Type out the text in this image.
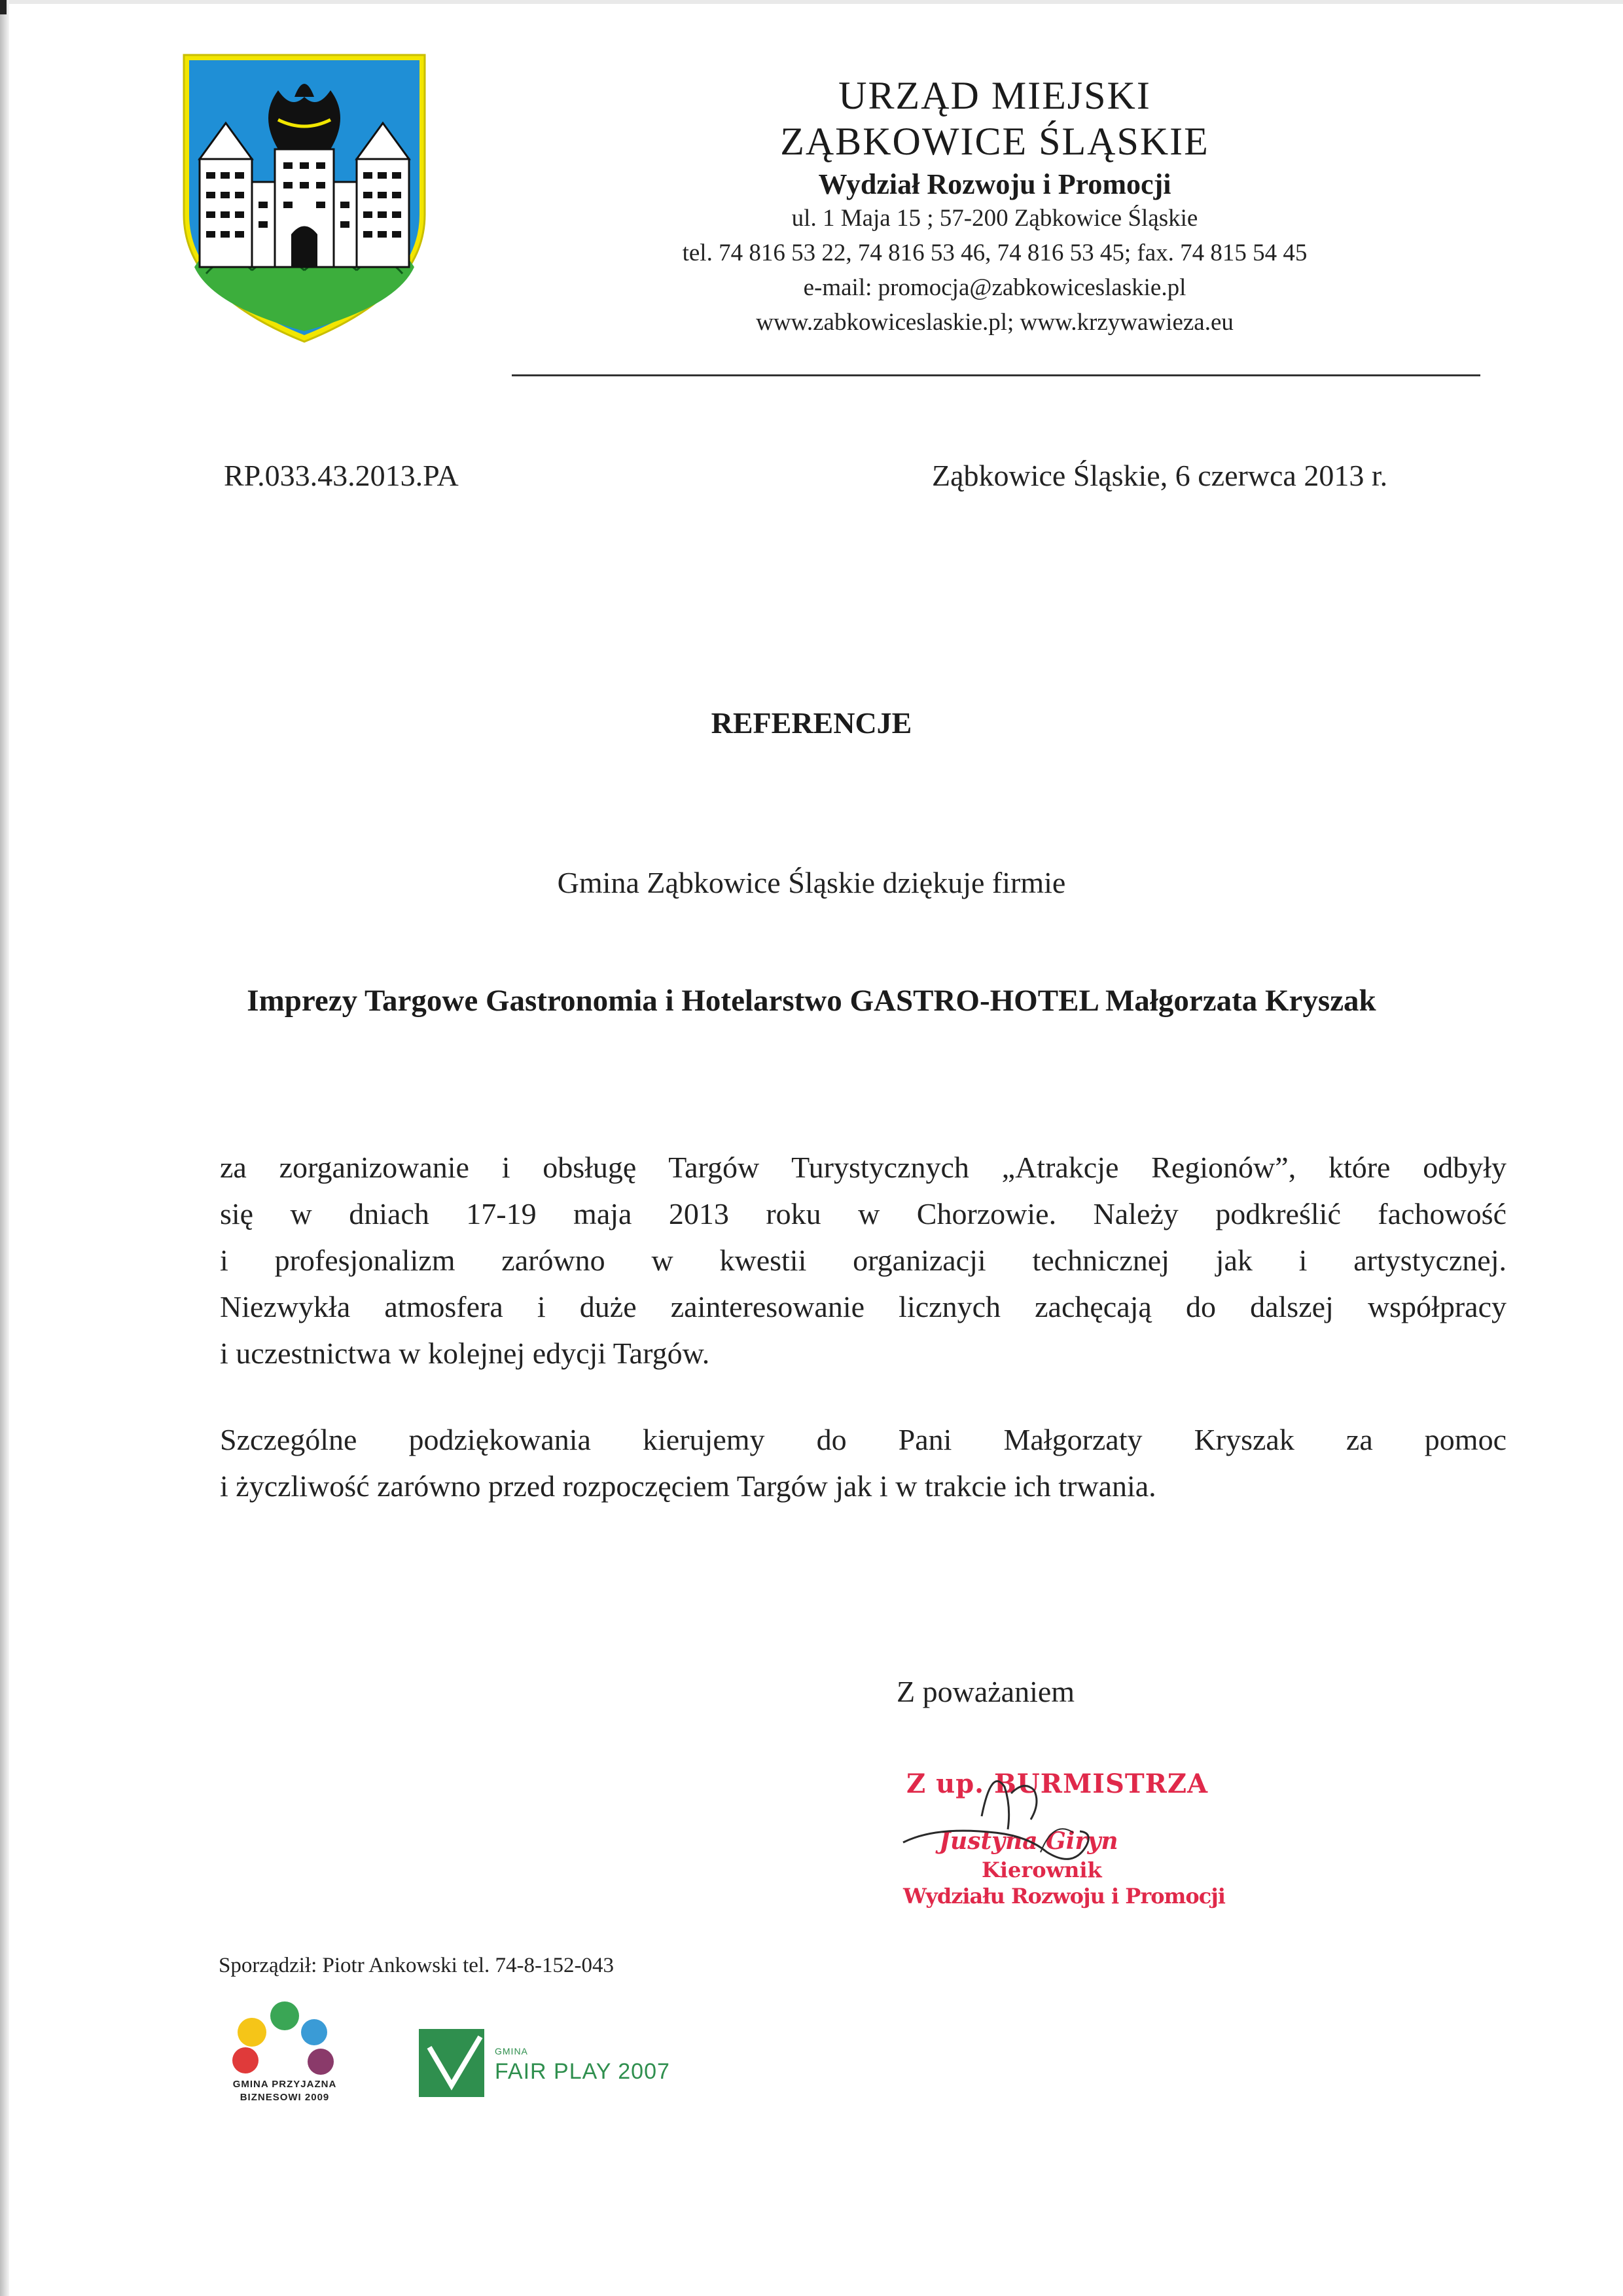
URZĄD MIEJSKI
ZĄBKOWICE ŚLĄSKIE
Wydział Rozwoju i Promocji
ul. 1 Maja 15 ; 57-200 Ząbkowice Śląskie
tel. 74 816 53 22, 74 816 53 46, 74 816 53 45; fax. 74 815 54 45
e-mail: promocja@zabkowiceslaskie.pl
www.zabkowiceslaskie.pl; www.krzywawieza.eu
RP.033.43.2013.PA	Ząbkowice Śląskie, 6 czerwca 2013 r.
REFERENCJE
Gmina Ząbkowice Śląskie dziękuje firmie
Imprezy Targowe Gastronomia i Hotelarstwo GASTRO-HOTEL Małgorzata Kryszak
za zorganizowanie i obsługę Targów Turystycznych „Atrakcje Regionów”, które odbyły
się w dniach 17-19 maja 2013 roku w Chorzowie. Należy podkreślić fachowość
i profesjonalizm zarówno w kwestii organizacji technicznej jak i artystycznej.
Niezwykła atmosfera i duże zainteresowanie licznych zachęcają do dalszej współpracy
i uczestnictwa w kolejnej edycji Targów.
Szczególne podziękowania kierujemy do Pani Małgorzaty Kryszak za pomoc
i życzliwość zarówno przed rozpoczęciem Targów jak i w trakcie ich trwania.
Z poważaniem
Z up. BURMISTRZA
Justyna Giryn
Kierownik
Wydziału Rozwoju i Promocji
Sporządził: Piotr Ankowski tel. 74-8-152-043
GMINA PRZYJAZNA
BIZNESOWI 2009
GMINA
FAIR PLAY 2007
